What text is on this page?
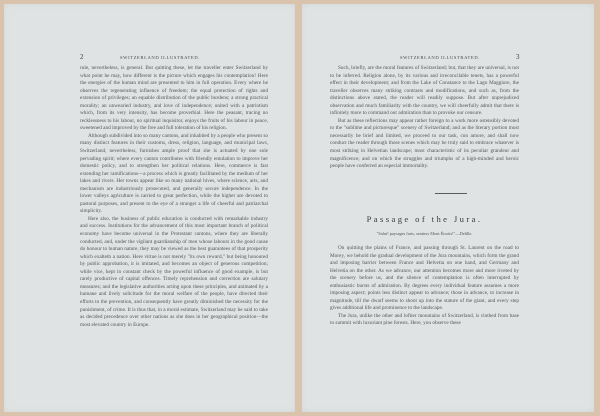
2	SWITZERLAND ILLUSTRATED.

rule, nevertheless, is general. But quitting these, let the traveller enter Switzerland by what point he may, how different is the picture which engages his contemplation! Here the energies of the human mind are presented to him in full operation. Every where he observes the regenerating influence of freedom; the equal protection of rights and extension of privileges; an equable distribution of the public burdens; a strong practical morality; an unwearied industry, and love of independence; united with a patriotism which, from its very intensity, has become proverbial. Here the peasant, tracing no recklessness to his labour, no spiritual inquisitor, enjoys the fruits of his labour in peace, sweetened and improved by the free and full toleration of his religion.

Although subdivided into so many cantons, and inhabited by a people who present so many distinct features in their customs, dress, religion, language, and municipal laws, Switzerland, nevertheless, furnishes ample proof that she is actuated by one sole pervading spirit; where every canton contributes with friendly emulation to improve her domestic policy, and to strengthen her political relations. Here, commerce is fast extending her ramifications—a process which is greatly facilitated by the medium of her lakes and rivers. Her towns appear like so many national hives, where science, arts, and mechanism are industriously prosecuted, and generally secure independence. In the lower valleys agriculture is carried to great perfection, while the higher are devoted to pastoral purposes, and present to the eye of a stranger a life of cheerful and patriarchal simplicity.

Here also, the business of public education is conducted with remarkable industry and success. Institutions for the advancement of this most important branch of political economy have become universal in the Protestant cantons, where they are liberally conducted, and, under the vigilant guardianship of men whose labours in the good cause do honour to human nature, they may be viewed as the best guarantees of that prosperity which exalteth a nation. Here virtue is not merely "its own reward," but being honoured by public approbation, it is imitated, and becomes an object of generous competition; while vice, kept in constant check by the powerful influence of good example, is but rarely productive of capital offences. Timely reprehension and correction are salutary measures; and the legislative authorities acting upon these principles, and animated by a humane and lively solicitude for the moral welfare of the people, have directed their efforts to the prevention, and consequently have greatly diminished the necessity for the punishment, of crime. It is thus that, in a moral estimate, Switzerland may be said to take as decided precedence over other nations as she does in her geographical position—the most elevated country in Europe.

SWITZERLAND ILLUSTRATED.	3

Such, briefly, are the moral features of Switzerland; but, that they are universal, is not to be inferred. Religion alone, by its various and irreconcilable tenets, has a powerful effect in their development; and from the Lake of Constance to the Lago Maggiore, the traveller observes many striking contrasts and modifications, and such as, from the distinctions above stated, the reader will readily suppose. But after unprejudiced observation and much familiarity with the country, we will cheerfully admit that there is infinitely more to command our admiration than to provoke our censure.

But as these reflections may appear rather foreign to a work more ostensibly devoted to the "sublime and picturesque" scenery of Switzerland; and as the literary portion must necessarily be brief and limited, we proceed to our task, con amore, and shall now conduct the reader through those scenes which may be truly said to embrace whatever is most striking in Helvetian landscape; most characteristic of its peculiar grandeur and magnificence; and on which the struggles and triumphs of a high-minded and heroic people have conferred an especial immortality.

Passage of the Jura.
"Salut! paysages frais, sentiers Mont Étroits!"—Delille.

On quitting the plains of France, and passing through St. Laurent on the road to Morey, we behold the gradual development of the Jura mountains, which form the grand and imposing barrier between France and Helvetia on one hand, and Germany and Helvetia on the other. As we advance, our attention becomes more and more riveted by the scenery before us, and the silence of contemplation is often interrupted by enthusiastic bursts of admiration. By degrees every individual feature assumes a more imposing aspect; points less distinct appear to advance; those in advance, to increase in magnitude, till the dwarf seems to shoot up into the stature of the giant, and every step gives additional life and prominence to the landscape.

The Jura, unlike the other and loftier mountains of Switzerland, is clothed from base to summit with luxuriant pine forests. Here, you observe these
